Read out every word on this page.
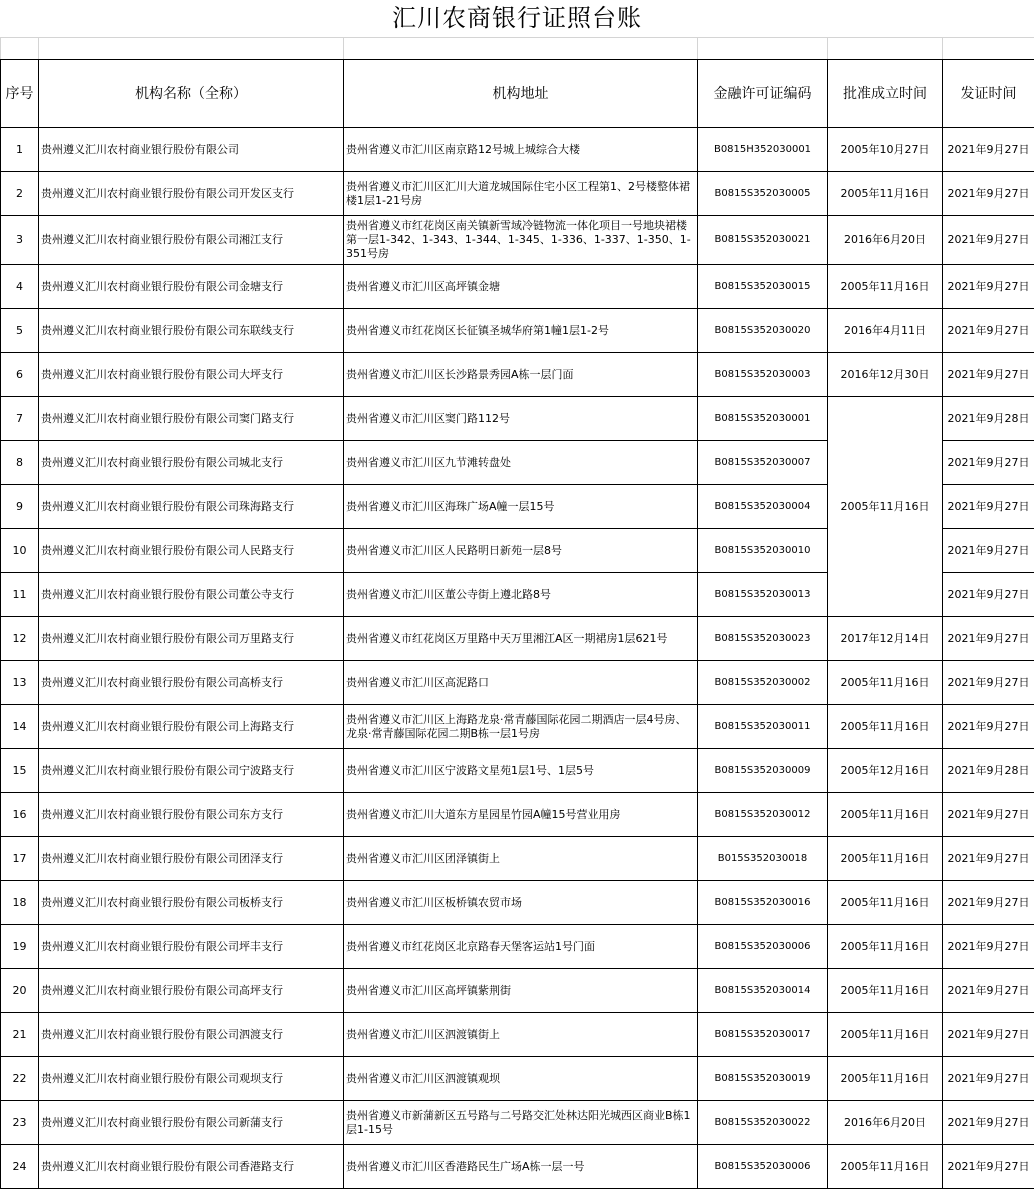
汇川农商银行证照台账

序号	机构名称（全称）	机构地址	金融许可证编码	批准成立时间	发证时间
1	贵州遵义汇川农村商业银行股份有限公司	贵州省遵义市汇川区南京路12号城上城综合大楼	B0815H352030001	2005年10月27日	2021年9月27日
2	贵州遵义汇川农村商业银行股份有限公司开发区支行	贵州省遵义市汇川区汇川大道龙城国际住宅小区工程第1、2号楼整体裙楼1层1-21号房	B0815S352030005	2005年11月16日	2021年9月27日
3	贵州遵义汇川农村商业银行股份有限公司湘江支行	贵州省遵义市红花岗区南关镇新雪域冷链物流一体化项目一号地块裙楼第一层1-342、1-343、1-344、1-345、1-336、1-337、1-350、1-351号房	B0815S352030021	2016年6月20日	2021年9月27日
4	贵州遵义汇川农村商业银行股份有限公司金塘支行	贵州省遵义市汇川区高坪镇金塘	B0815S352030015	2005年11月16日	2021年9月27日
5	贵州遵义汇川农村商业银行股份有限公司东联线支行	贵州省遵义市红花岗区长征镇圣城华府第1幢1层1-2号	B0815S352030020	2016年4月11日	2021年9月27日
6	贵州遵义汇川农村商业银行股份有限公司大坪支行	贵州省遵义市汇川区长沙路景秀园A栋一层门面	B0815S352030003	2016年12月30日	2021年9月27日
7	贵州遵义汇川农村商业银行股份有限公司窦门路支行	贵州省遵义市汇川区窦门路112号	B0815S352030001	2005年11月16日	2021年9月28日
8	贵州遵义汇川农村商业银行股份有限公司城北支行	贵州省遵义市汇川区九节滩转盘处	B0815S352030007		2021年9月27日
9	贵州遵义汇川农村商业银行股份有限公司珠海路支行	贵州省遵义市汇川区海珠广场A幢一层15号	B0815S352030004		2021年9月27日
10	贵州遵义汇川农村商业银行股份有限公司人民路支行	贵州省遵义市汇川区人民路明日新苑一层8号	B0815S352030010		2021年9月27日
11	贵州遵义汇川农村商业银行股份有限公司董公寺支行	贵州省遵义市汇川区董公寺街上遵北路8号	B0815S352030013		2021年9月27日
12	贵州遵义汇川农村商业银行股份有限公司万里路支行	贵州省遵义市红花岗区万里路中天万里湘江A区一期裙房1层621号	B0815S352030023	2017年12月14日	2021年9月27日
13	贵州遵义汇川农村商业银行股份有限公司高桥支行	贵州省遵义市汇川区高泥路口	B0815S352030002	2005年11月16日	2021年9月27日
14	贵州遵义汇川农村商业银行股份有限公司上海路支行	贵州省遵义市汇川区上海路龙泉·常青藤国际花园二期酒店一层4号房、龙泉·常青藤国际花园二期B栋一层1号房	B0815S352030011	2005年11月16日	2021年9月27日
15	贵州遵义汇川农村商业银行股份有限公司宁波路支行	贵州省遵义市汇川区宁波路文星苑1层1号、1层5号	B0815S352030009	2005年12月16日	2021年9月28日
16	贵州遵义汇川农村商业银行股份有限公司东方支行	贵州省遵义市汇川大道东方星园星竹园A幢15号营业用房	B0815S352030012	2005年11月16日	2021年9月27日
17	贵州遵义汇川农村商业银行股份有限公司团泽支行	贵州省遵义市汇川区团泽镇街上	B015S352030018	2005年11月16日	2021年9月27日
18	贵州遵义汇川农村商业银行股份有限公司板桥支行	贵州省遵义市汇川区板桥镇农贸市场	B0815S352030016	2005年11月16日	2021年9月27日
19	贵州遵义汇川农村商业银行股份有限公司坪丰支行	贵州省遵义市红花岗区北京路春天堡客运站1号门面	B0815S352030006	2005年11月16日	2021年9月27日
20	贵州遵义汇川农村商业银行股份有限公司高坪支行	贵州省遵义市汇川区高坪镇紫荆街	B0815S352030014	2005年11月16日	2021年9月27日
21	贵州遵义汇川农村商业银行股份有限公司泗渡支行	贵州省遵义市汇川区泗渡镇街上	B0815S352030017	2005年11月16日	2021年9月27日
22	贵州遵义汇川农村商业银行股份有限公司观坝支行	贵州省遵义市汇川区泗渡镇观坝	B0815S352030019	2005年11月16日	2021年9月27日
23	贵州遵义汇川农村商业银行股份有限公司新蒲支行	贵州省遵义市新蒲新区五号路与二号路交汇处林达阳光城西区商业B栋1层1-15号	B0815S352030022	2016年6月20日	2021年9月27日
24	贵州遵义汇川农村商业银行股份有限公司香港路支行	贵州省遵义市汇川区香港路民生广场A栋一层一号	B0815S352030006	2005年11月16日	2021年9月27日
